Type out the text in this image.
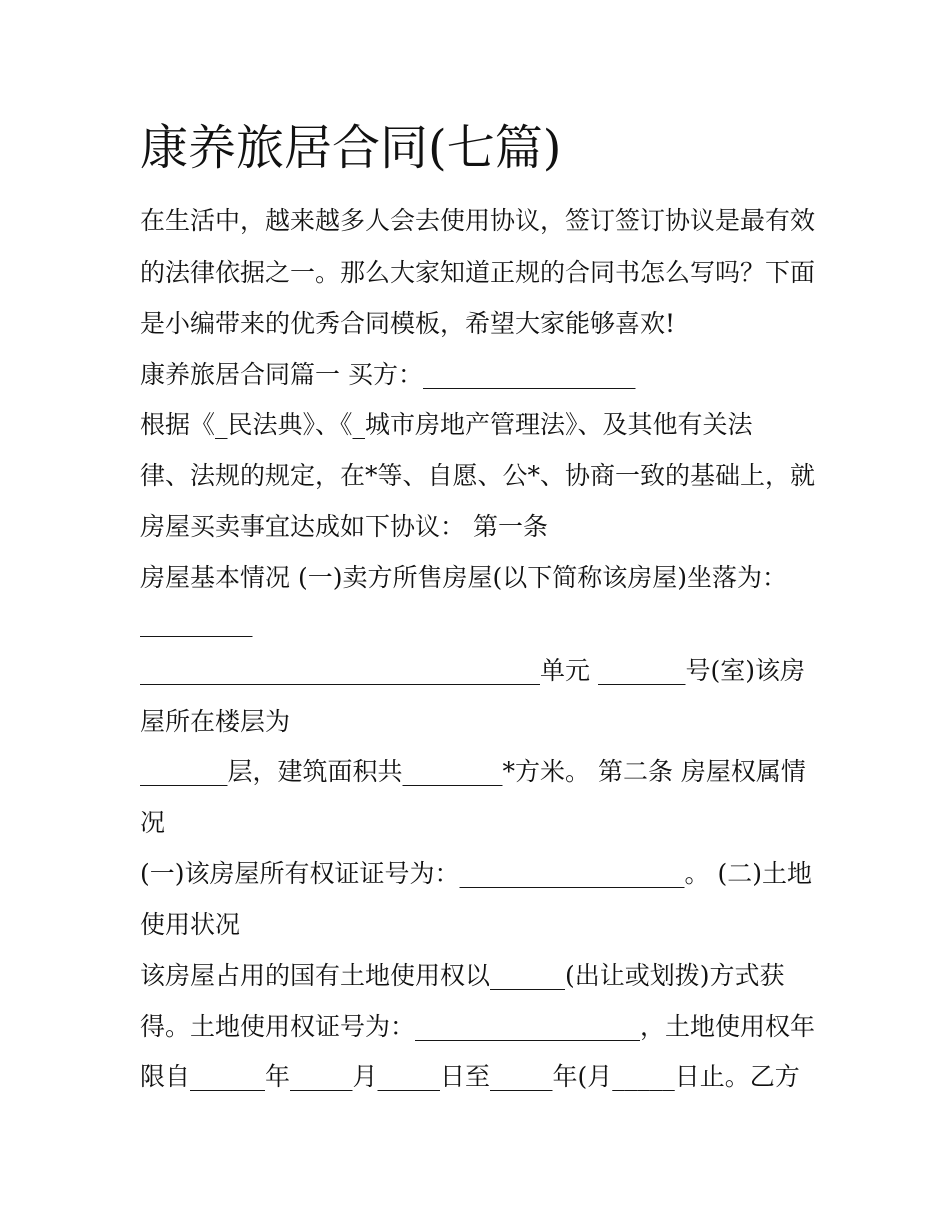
康养旅居合同(七篇)
在生活中，越来越多人会去使用协议，签订签订协议是最有效
的法律依据之一。那么大家知道正规的合同书怎么写吗？下面
是小编带来的优秀合同模板，希望大家能够喜欢!
康养旅居合同篇一 买方：_________________
根据《_民法典》、《_城市房地产管理法》、及其他有关法
律、法规的规定，在*等、自愿、公*、协商一致的基础上，就
房屋买卖事宜达成如下协议： 第一条
房屋基本情况 (一)卖方所售房屋(以下简称该房屋)坐落为：
_________
________________________________单元 _______号(室)该房
屋所在楼层为
_______层，建筑面积共________*方米。 第二条 房屋权属情
况
(一)该房屋所有权证证号为：__________________。 (二)土地
使用状况
该房屋占用的国有土地使用权以______(出让或划拨)方式获
得。土地使用权证号为：__________________，土地使用权年
限自______年_____月_____日至_____年(月_____日止。乙方
